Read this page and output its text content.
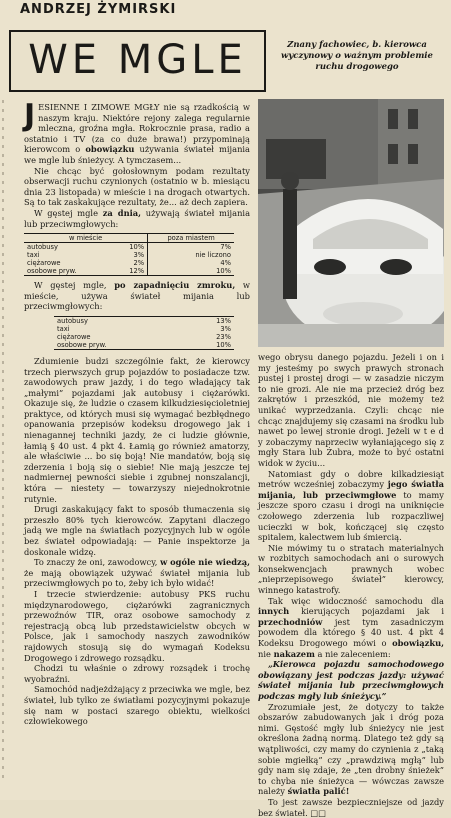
ANDRZEJ ŻYMIRSKI
WE MGLE	Znany fachowiec, b. kierowca wyczynowy o ważnym problemie ruchu drogowego

JESIENNE I ZIMOWE MGŁY nie są rzadkością w naszym kraju. Niektóre rejony zalega regularnie mleczna, groźna mgła. Rokrocznie prasa, radio a ostatnio i TV (za co duże brawa!) przypominają kierowcom o obowiązku używania świateł mijania we mgle lub śnieżycy. A tymczasem...

Nie chcąc być gołosłownym podam rezultaty obserwacji ruchu czynionych (ostatnio w b. miesiącu dnia 23 listopada) w mieście i na drogach otwartych. Są to tak zaskakujące rezultaty, że... aż dech zapiera.

W gęstej mgle za dnia, używają świateł mijania lub przeciwmgłowych:

w mieście		poza miastem
autobusy	10%	7%
taxi	3%	nie liczono
ciężarowe	2%	4%
osobowe pryw.	12%	10%

W gęstej mgle, po zapadnięciu zmroku, w mieście, używa świateł mijania lub przeciwmgłowych:

autobusy	13%
taxi	3%
ciężarowe	23%
osobowe pryw.	10%

Zdumienie budzi szczególnie fakt, że kierowcy trzech pierwszych grup pojazdów to posiadacze tzw. zawodowych praw jazdy, i do tego władający tak „małymi” pojazdami jak autobusy i ciężarówki. Okazuje się, że ludzie o czasem kilkudziesięcioletniej praktyce, od których musi się wymagać bezbłędnego opanowania przepisów kodeksu drogowego jak i nienagannej techniki jazdy, że ci ludzie głównie, łamią § 40 ust. 4 pkt 4. Łamią go również amatorzy, ale właściwie ... bo się boją! Nie mandatów, boją się zderzenia i boją się o siebie! Nie mają jeszcze tej nadmiernej pewności siebie i zgubnej nonszalancji, która — niestety — towarzyszy niejednokrotnie rutynie.

Drugi zaskakujący fakt to sposób tłumaczenia się przeszło 80% tych kierowców. Zapytani dlaczego jadą we mgle na światłach pozycyjnych lub w ogóle bez świateł odpowiadają: — Panie inspektorze ja doskonale widzę.

To znaczy że oni, zawodowcy, w ogóle nie wiedzą, że mają obowiązek używać świateł mijania lub przeciwmgłowych po to, żeby ich było widać!

I trzecie stwierdzenie: autobusy PKS ruchu międzynarodowego, ciężarówki zagranicznych przewoźnów TIR, oraz osobowe samochody z rejestracją obcą lub przedstawicielstw obcych w Polsce, jak i samochody naszych zawodników rajdowych stosują się do wymagań Kodeksu Drogowego i zdrowego rozsądku.

Chodzi tu właśnie o zdrowy rozsądek i trochę wyobraźni.

Samochód nadjeżdżający z przeciwka we mgle, bez świateł, lub tylko ze światłami pozycyjnymi pokazuje się nam w postaci szarego obiektu, wielkości człowiekowego

wego obrysu danego pojazdu. Jeżeli i on i my jesteśmy po swych prawych stronach pustej i prostej drogi — w zasadzie niczym to nie grozi. Ale nie ma przecież dróg bez zakrętów i przeszkód, nie możemy też unikać wyprzedzania. Czyli: chcąc nie chcąc znajdujemy się czasami na środku lub nawet po lewej stronie drogi. Jeżeli w t e d y zobaczymy naprzeciw wyłaniającego się z mgły Stara lub Żubra, może to być ostatni widok w życiu...

Natomiast gdy o dobre kilkadziesiąt metrów wcześniej zobaczymy jego światła mijania, lub przeciwmgłowe to mamy jeszcze sporo czasu i drogi na uniknięcie czołowego zderzenia lub rozpaczliwej ucieczki w bok, kończącej się często spitalem, kalectwem lub śmiercią.

Nie mówimy tu o stratach materialnych w rozbitych samochodach ani o surowych konsekwencjach prawnych wobec „nieprzepisowego świateł” kierowcy, winnego katastrofy.

Tak więc widoczność samochodu dla innych kierujących pojazdami jak i przechodniów jest tym zasadniczym powodem dla którego § 40 ust. 4 pkt 4 Kodeksu Drogowego mówi o obowiązku, nie nakazem a nie zaleceniem:

„Kierowca pojazdu samochodowego obowiązany jest podczas jazdy: używać świateł mijania lub przeciwmgłowych podczas mgły lub śnieżycy.”

Zrozumiałe jest, że dotyczy to także obszarów zabudowanych jak i dróg poza nimi. Gęstość mgły lub śnieżycy nie jest określona żadną normą. Dlatego też gdy są wątpliwości, czy mamy do czynienia z „taką sobie mgiełką” czy „prawdziwą mgłą” lub gdy nam się zdaje, że „ten drobny śnieżek” to chyba nie śnieżyca — wówczas zawsze należy światła palić!

To jest zawsze bezpieczniejsze od jazdy bez świateł. □□
